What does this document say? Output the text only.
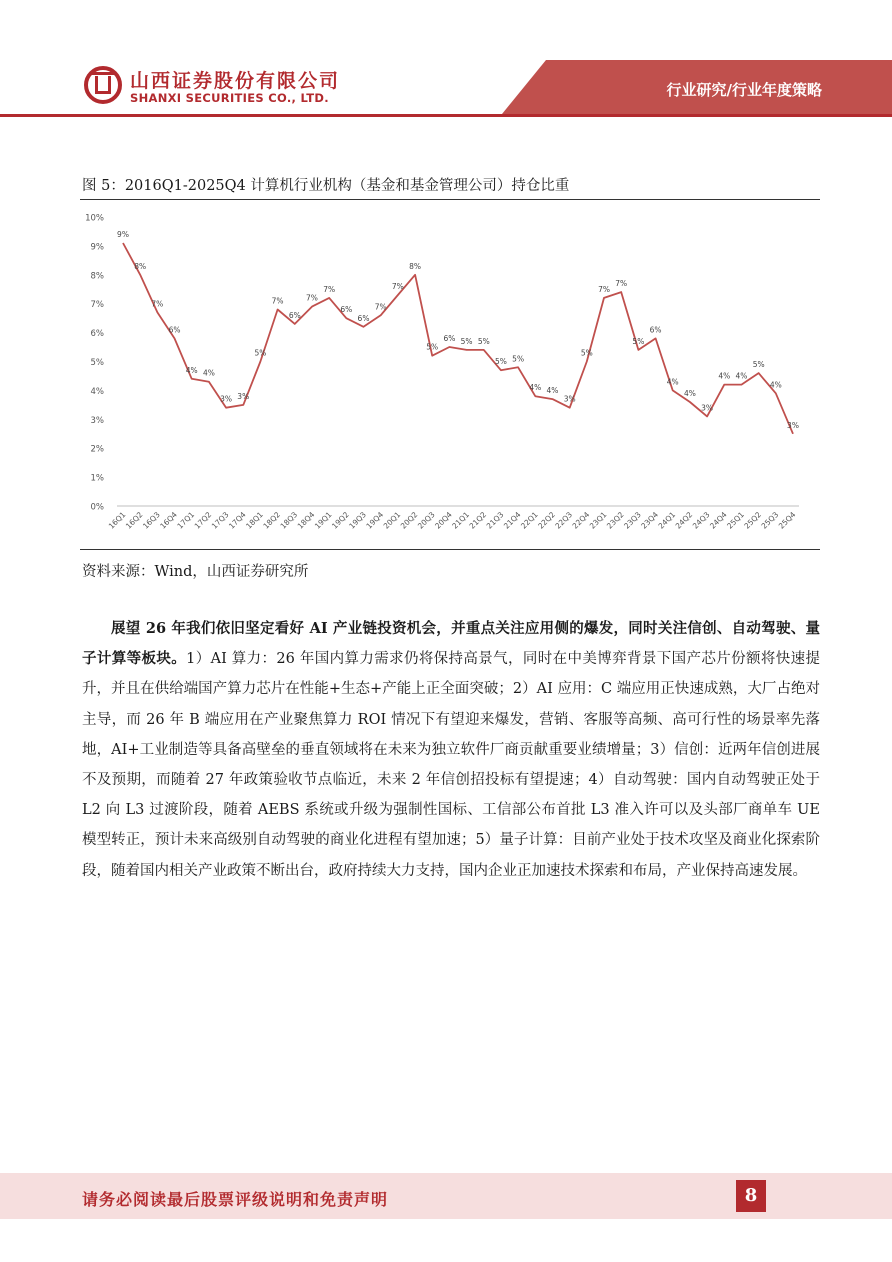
山西证券股份有限公司
SHANXI SECURITIES CO., LTD.	行业研究/行业年度策略
图 5：2016Q1-2025Q4 计算机行业机构（基金和基金管理公司）持仓比重
0%
1%
2%
3%
4%
5%
6%
7%
8%
9%
10%
16Q1
16Q2
16Q3
16Q4
17Q1
17Q2
17Q3
17Q4
18Q1
18Q2
18Q3
18Q4
19Q1
19Q2
19Q3
19Q4
20Q1
20Q2
20Q3
20Q4
21Q1
21Q2
21Q3
21Q4
22Q1
22Q2
22Q3
22Q4
23Q1
23Q2
23Q3
23Q4
24Q1
24Q2
24Q3
24Q4
25Q1
25Q2
25Q3
25Q4
9%
8%
7%
6%
4% 4%
3% 3%
5%
7%
6%
7%
7%
6%
6%
7%
7%
8%
5%
6% 5% 5%
5% 5%
4% 4%
3%
5%
7%
7%
5%
6%
4%
4%
3%
4% 4%
5%
4%
3%
资料来源：Wind，山西证券研究所
展望 26 年我们依旧坚定看好 AI 产业链投资机会，并重点关注应用侧的爆发，同时关注信创、自动驾驶、量子计算等板块。1）AI 算力：26 年国内算力需求仍将保持高景气，同时在中美博弈背景下国产芯片份额将快速提升，并且在供给端国产算力芯片在性能+生态+产能上正全面突破；2）AI 应用：C 端应用正快速成熟，大厂占绝对主导，而 26 年 B 端应用在产业聚焦算力 ROI 情况下有望迎来爆发，营销、客服等高频、高可行性的场景率先落地，AI+工业制造等具备高壁垒的垂直领域将在未来为独立软件厂商贡献重要业绩增量；3）信创：近两年信创进展不及预期，而随着 27 年政策验收节点临近，未来 2 年信创招投标有望提速；4）自动驾驶：国内自动驾驶正处于 L2 向 L3 过渡阶段，随着 AEBS 系统或升级为强制性国标、工信部公布首批 L3 准入许可以及头部厂商单车 UE 模型转正，预计未来高级别自动驾驶的商业化进程有望加速；5）量子计算：目前产业处于技术攻坚及商业化探索阶段，随着国内相关产业政策不断出台，政府持续大力支持，国内企业正加速技术探索和布局，产业保持高速发展。
请务必阅读最后股票评级说明和免责声明	8
